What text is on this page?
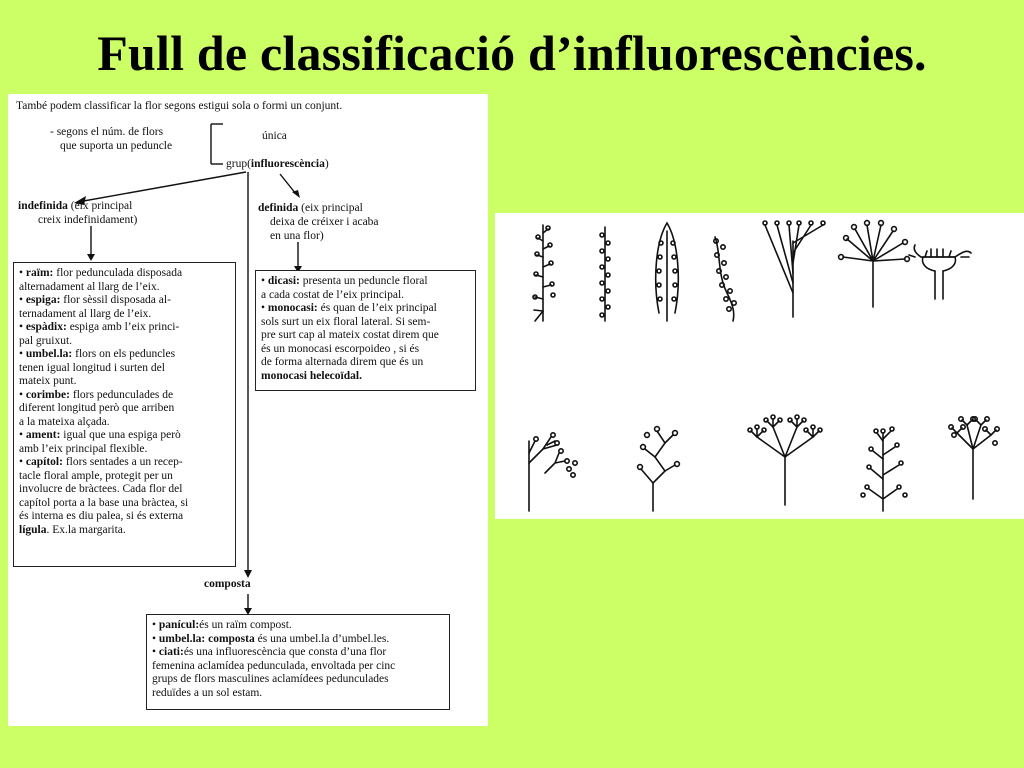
Full de classificació d’influorescències.
També podem classificar la flor segons estigui sola o formi un conjunt.
- segons el núm. de flors
que suporta un peduncle
única
grup(influorescència)
indefinida (eix principal
creix indefinidament)
definida (eix principal
deixa de créixer i acaba
en una flor)
• raïm: flor pedunculada disposada
alternadament al llarg de l’eix.
• espiga: flor sèssil disposada al-
ternadament al llarg de l’eix.
• espàdix: espiga amb l’eix princi-
pal gruixut.
• umbel.la: flors on els peduncles
tenen igual longitud i surten del
mateix punt.
• corimbe: flors pedunculades de
diferent longitud però que arriben
a la mateixa alçada.
• ament: igual que una espiga però
amb l’eix principal flexible.
• capítol: flors sentades a un recep-
tacle floral ample, protegit per un
involucre de bràctees. Cada flor del
capítol porta a la base una bràctea, si
és interna es diu palea, si és externa
lígula. Ex.la margarita.
• dicasi: presenta un peduncle floral
a cada costat de l’eix principal.
• monocasi: és quan de l’eix principal
sols surt un eix floral lateral. Si sem-
pre surt cap al mateix costat direm que
és un monocasi escorpoideo , si és
de forma alternada direm que és un
monocasi helecoïdal.
composta
• panícul:és un raïm compost.
• umbel.la: composta és una umbel.la d’umbel.les.
• ciati:és una influorescència que consta d’una flor
femenina aclamídea pedunculada, envoltada per cinc
grups de flors masculines aclamídees pedunculades
reduïdes a un sol estam.
